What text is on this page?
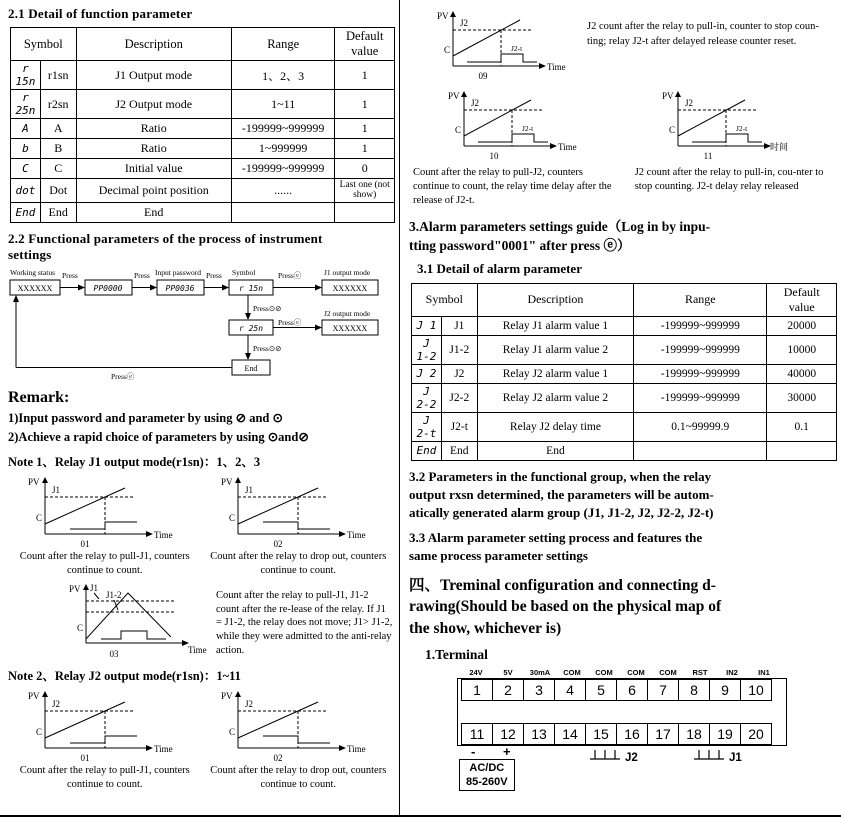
2.1 Detail of function parameter
Symbol		Description	Range	Default value
r 15n	r1sn	J1 Output mode	1、2、3	1
r 25n	r2sn	J2 Output mode	1~11	1
A	A	Ratio	-199999~999999	1
b	B	Ratio	1~999999	1
C	C	Initial value	-199999~999999	0
dot	Dot	Decimal point position	......	Last one (not show)
End	End	End		
2.2 Functional parameters of the process of instrument
settings
Working status
XXXXXX
Press
PP0000
Press Input password
PP0036
Press Symbol
r 15n
Pressⓔ	J1 output mode
XXXXXX
Press⊙⊘
r 25n
Pressⓔ
J2 output mode
XXXXXX
Press⊙⊘
End
Pressⓔ
Remark:
1)Input password and parameter by using ⊘ and ⊙
2)Achieve a rapid choice of parameters by using ⊙and⊘
Note 1、Relay J1 output mode(r1sn)：1、2、3
PV
Time
J1
C
01
Count after the relay to pull-J1, counters continue to count.
PV
Time
J1
C
02
Count after the relay to drop out, counters continue to count.
PV
Time
J1
J1-2
C
03
Count after the relay to pull-J1, J1-2 count after the re-lease of the relay. If J1 = J1-2, the relay does not move; J1> J1-2, while they were admitted to the anti-relay action.
Note 2、Relay J2 output mode(r1sn)：1~11
PV
Time
J2
C
01
Count after the relay to pull-J1, counters continue to count.
PV
Time
J2
C
02
Count after the relay to drop out, counters continue to count.
PV
Time
J2
C	J2-t
09
J2 count after the relay to pull-in, counter to stop coun-ting; relay J2-t after delayed release counter reset.
PV
Time
J2
C	J2-t
10
PV
时间
J2
C	J2-t
11
Count after the relay to pull-J2, counters continue to count, the relay time delay after the release of J2-t.
J2 count after the relay to pull-in, cou-nter to stop counting. J2-t delay relay released
3.Alarm parameters settings guide（Log in by inpu-
tting password"0001" after press ⓔ）
3.1 Detail of alarm parameter
Symbol		Description	Range	Default value
J 1	J1	Relay J1 alarm value 1	-199999~999999	20000
J 1-2	J1-2	Relay J1 alarm value 2	-199999~999999	10000
J 2	J2	Relay J2 alarm value 1	-199999~999999	40000
J 2-2	J2-2	Relay J2 alarm value 2	-199999~999999	30000
J 2-t	J2-t	Relay J2 delay time	0.1~99999.9	0.1
End	End	End		
3.2 Parameters in the functional group, when the relay
output rxsn determined, the parameters will be autom-
atically generated alarm group (J1, J1-2, J2, J2-2, J2-t)
3.3 Alarm parameter setting process and features the
same process parameter settings
四、Treminal configuration and connecting d-
rawing(Should be based on the physical map of
the show, whichever is)
1.Terminal
24V	5V	30mA	COM	COM	COM	COM	RST	IN2	IN1
1	2	3	4	5	6	7	8	9	10
11	12	13	14	15	16	17	18	19	20
- +
AC/DC
85-260V
J2	J1
